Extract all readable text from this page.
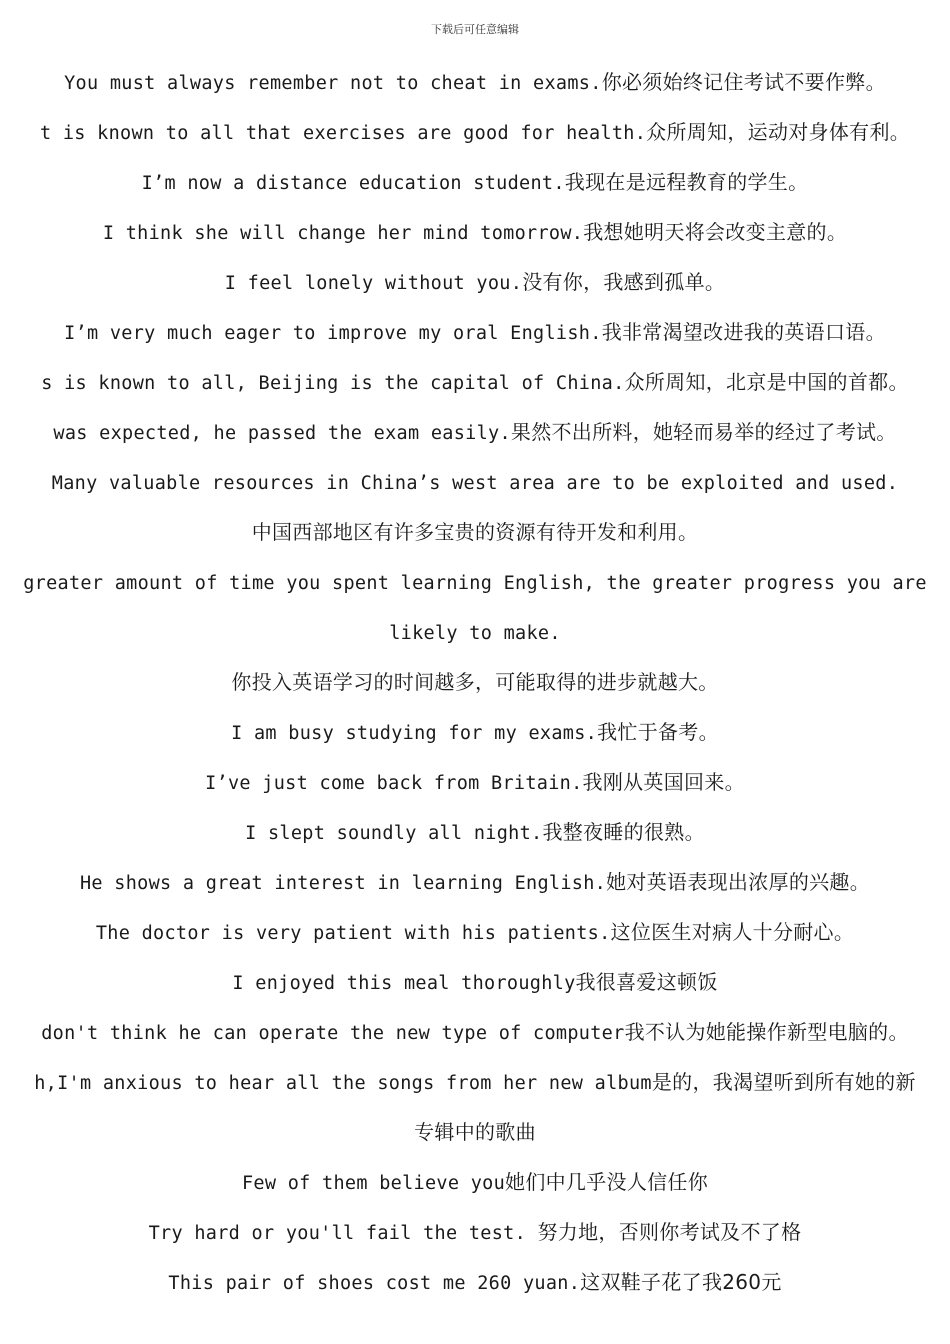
下载后可任意编辑
You must always remember not to cheat in exams.你必须始终记住考试不要作弊。
t is known to all that exercises are good for health.众所周知，运动对身体有利。
I’m now a distance education student.我现在是远程教育的学生。
I think she will change her mind tomorrow.我想她明天将会改变主意的。
I feel lonely without you.没有你，我感到孤单。
I’m very much eager to improve my oral English.我非常渴望改进我的英语口语。
s is known to all, Beijing is the capital of China.众所周知，北京是中国的首都。
was expected, he passed the exam easily.果然不出所料，她轻而易举的经过了考试。
Many valuable resources in China’s west area are to be exploited and used.
中国西部地区有许多宝贵的资源有待开发和利用。
greater amount of time you spent learning English, the greater progress you are
likely to make.
你投入英语学习的时间越多，可能取得的进步就越大。
I am busy studying for my exams.我忙于备考。
I’ve just come back from Britain.我刚从英国回来。
I slept soundly all night.我整夜睡的很熟。
He shows a great interest in learning English.她对英语表现出浓厚的兴趣。
The doctor is very patient with his patients.这位医生对病人十分耐心。
I enjoyed this meal thoroughly我很喜爱这顿饭
don't think he can operate the new type of computer我不认为她能操作新型电脑的。
h,I'm anxious to hear all the songs from her new album是的，我渴望听到所有她的新
专辑中的歌曲
Few of them believe you她们中几乎没人信任你
Try hard or you'll fail the test. 努力地，否则你考试及不了格
This pair of shoes cost me 260 yuan.这双鞋子花了我260元
